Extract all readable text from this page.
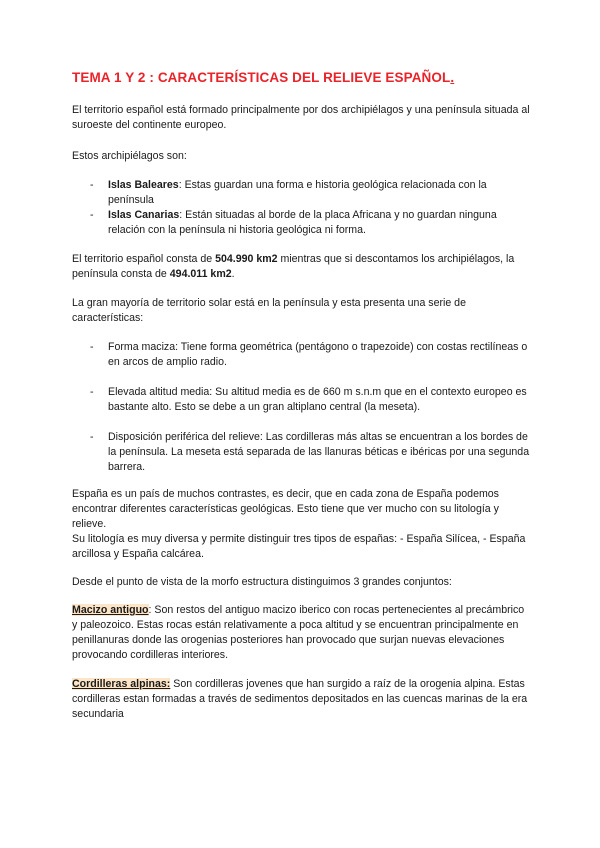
TEMA 1 Y 2 : CARACTERÍSTICAS DEL RELIEVE ESPAÑOL.

El territorio español está formado principalmente por dos archipiélagos y una península situada al suroeste del continente europeo.

Estos archipiélagos son:

- Islas Baleares: Estas guardan una forma e historia geológica relacionada con la península
- Islas Canarias: Están situadas al borde de la placa Africana y no guardan ninguna relación con la península ni historia geológica ni forma.

El territorio español consta de 504.990 km2 mientras que si descontamos los archipiélagos, la península consta de 494.011 km2.

La gran mayoría de territorio solar está en la península y esta presenta una serie de características:

- Forma maciza: Tiene forma geométrica (pentágono o trapezoide) con costas rectilíneas o en arcos de amplio radio.
- Elevada altitud media: Su altitud media es de 660 m s.n.m que en el contexto europeo es bastante alto. Esto se debe a un gran altiplano central (la meseta).
- Disposición periférica del relieve: Las cordilleras más altas se encuentran a los bordes de la península. La meseta está separada de las llanuras béticas e ibéricas por una segunda barrera.

España es un país de muchos contrastes, es decir, que en cada zona de España podemos encontrar diferentes características geológicas. Esto tiene que ver mucho con su litología y relieve.

Su litología es muy diversa y permite distinguir tres tipos de españas: - España Silícea, - España arcillosa y España calcárea.

Desde el punto de vista de la morfo estructura distinguimos 3 grandes conjuntos:

Macizo antiguo: Son restos del antiguo macizo iberico con rocas pertenecientes al precámbrico y paleozoico. Estas rocas están relativamente a poca altitud y se encuentran principalmente en penillanuras donde las orogenias posteriores han provocado que surjan nuevas elevaciones provocando cordilleras interiores.

Cordilleras alpinas: Son cordilleras jovenes que han surgido a raíz de la orogenia alpina. Estas cordilleras estan formadas a través de sedimentos depositados en las cuencas marinas de la era secundaria
